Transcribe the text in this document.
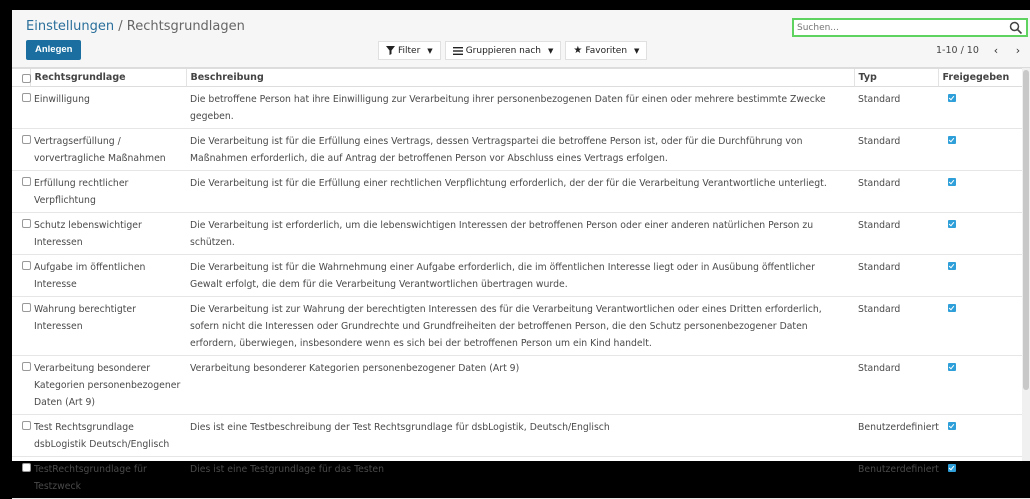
Einstellungen / Rechtsgrundlagen
Anlegen
Suchen...	Filter ▼	Gruppieren nach ▼ ★ Favoriten ▼	1-10 / 10	‹	›
	Rechtsgrundlage	Beschreibung	Typ	Freigegeben
	Einwilligung	Die betroffene Person hat ihre Einwilligung zur Verarbeitung ihrer personenbezogenen Daten für einen oder mehrere bestimmte Zwecke gegeben.	Standard	
	Vertragserfüllung / vorvertragliche Maßnahmen	Die Verarbeitung ist für die Erfüllung eines Vertrags, dessen Vertragspartei die betroffene Person ist, oder für die Durchführung von Maßnahmen erforderlich, die auf Antrag der betroffenen Person vor Abschluss eines Vertrags erfolgen.	Standard	
	Erfüllung rechtlicher Verpflichtung	Die Verarbeitung ist für die Erfüllung einer rechtlichen Verpflichtung erforderlich, der der für die Verarbeitung Verantwortliche unterliegt.	Standard	
	Schutz lebenswichtiger Interessen	Die Verarbeitung ist erforderlich, um die lebenswichtigen Interessen der betroffenen Person oder einer anderen natürlichen Person zu schützen.	Standard	
	Aufgabe im öffentlichen Interesse	Die Verarbeitung ist für die Wahrnehmung einer Aufgabe erforderlich, die im öffentlichen Interesse liegt oder in Ausübung öffentlicher Gewalt erfolgt, die dem für die Verarbeitung Verantwortlichen übertragen wurde.	Standard	
	Wahrung berechtigter Interessen	Die Verarbeitung ist zur Wahrung der berechtigten Interessen des für die Verarbeitung Verantwortlichen oder eines Dritten erforderlich, sofern nicht die Interessen oder Grundrechte und Grundfreiheiten der betroffenen Person, die den Schutz personenbezogener Daten erfordern, überwiegen, insbesondere wenn es sich bei der betroffenen Person um ein Kind handelt.	Standard	
	Verarbeitung besonderer Kategorien personenbezogener Daten (Art 9)	Verarbeitung besonderer Kategorien personenbezogener Daten (Art 9)	Standard	
	Test Rechtsgrundlage dsbLogistik Deutsch/Englisch	Dies ist eine Testbeschreibung der Test Rechtsgrundlage für dsbLogistik, Deutsch/Englisch	Benutzerdefiniert	
	TestRechtsgrundlage für Testzweck	Dies ist eine Testgrundlage für das Testen	Benutzerdefiniert	
